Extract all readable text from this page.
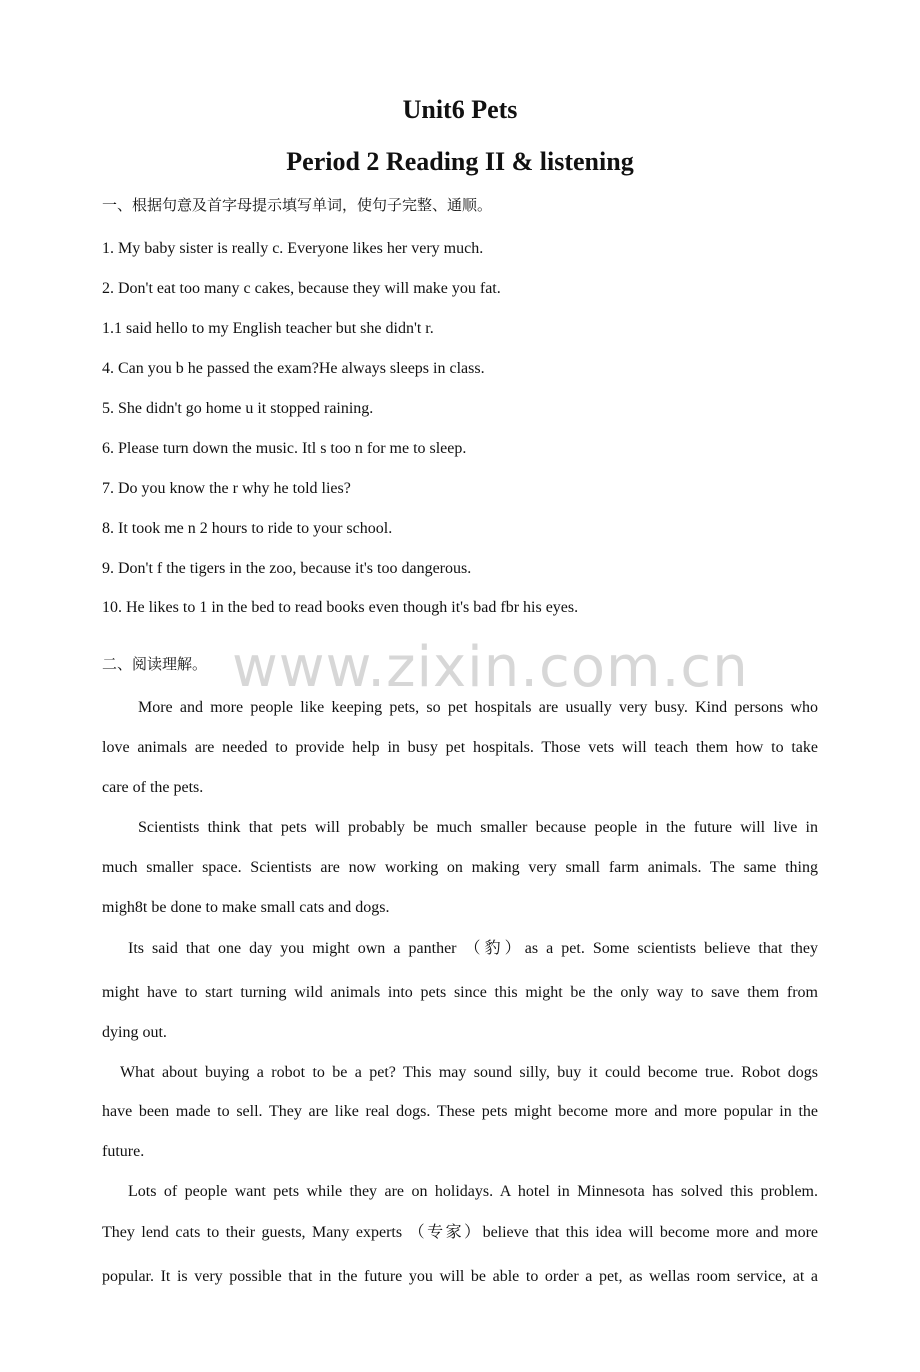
Unit6 Pets
Period 2 Reading II & listening
一、根据句意及首字母提示填写单词，使句子完整、通顺。
1. My baby sister is really c. Everyone likes her very much.
2. Don't eat too many c cakes, because they will make you fat.
1.1 said hello to my English teacher but she didn't r.
4. Can you b he passed the exam?He always sleeps in class.
5. She didn't go home u it stopped raining.
6. Please turn down the music. Itl s too n for me to sleep.
7. Do you know the r why he told lies?
8. It took me n 2 hours to ride to your school.
9. Don't f the tigers in the zoo, because it's too dangerous.
10. He likes to 1 in the bed to read books even though it's bad fbr his eyes.
二、阅读理解。 www.zixin.com.cn
More and more people like keeping pets, so pet hospitals are usually very busy. Kind persons who
love animals are needed to provide help in busy pet hospitals. Those vets will teach them how to take
care of the pets.
Scientists think that pets will probably be much smaller because people in the future will live in
much smaller space. Scientists are now working on making very small farm animals. The same thing
migh8t be done to make small cats and dogs.
Its said that one day you might own a panther （豹）as a pet. Some scientists believe that they
might have to start turning wild animals into pets since this might be the only way to save them from
dying out.
What about buying a robot to be a pet? This may sound silly, buy it could become true. Robot dogs
have been made to sell. They are like real dogs. These pets might become more and more popular in the
future.
Lots of people want pets while they are on holidays. A hotel in Minnesota has solved this problem.
They lend cats to their guests, Many experts （专家）believe that this idea will become more and more
popular. It is very possible that in the future you will be able to order a pet, as wellas room service, at a
